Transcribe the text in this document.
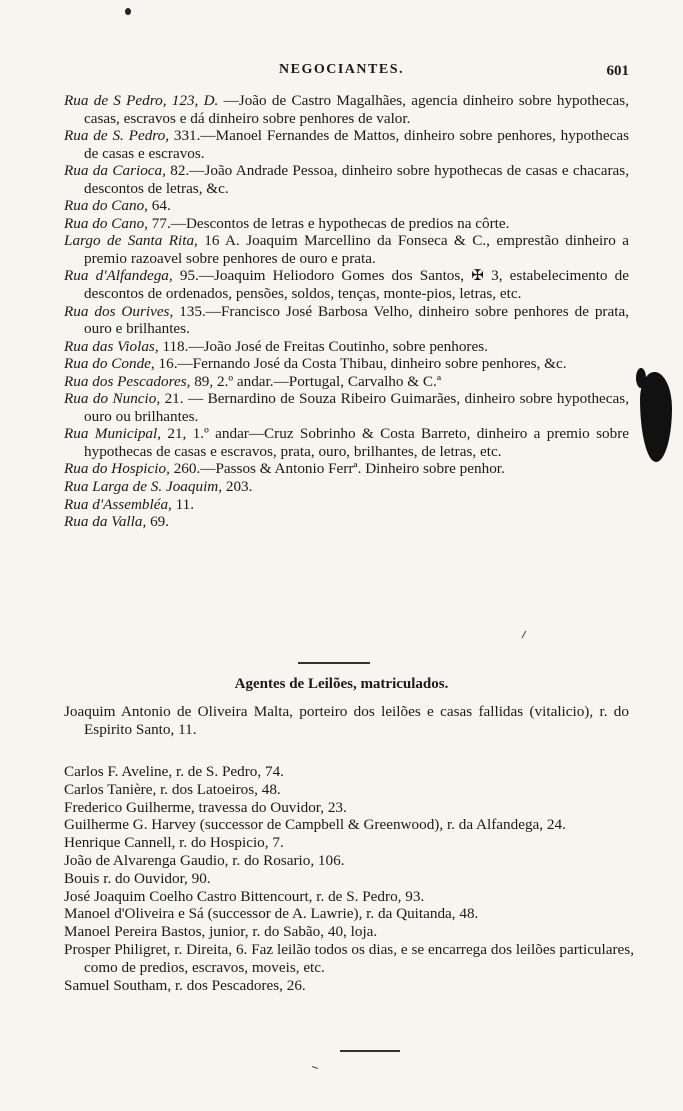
NEGOCIANTES.	601
Rua de S Pedro, 123, D. —João de Castro Magalhães, agencia dinheiro sobre hypothecas, casas, escravos e dá dinheiro sobre penhores de valor.
Rua de S. Pedro, 331.—Manoel Fernandes de Mattos, dinheiro sobre penhores, hypothecas de casas e escravos.
Rua da Carioca, 82.—João Andrade Pessoa, dinheiro sobre hypothecas de casas e chacaras, descontos de letras, &c.
Rua do Cano, 64.
Rua do Cano, 77.—Descontos de letras e hypothecas de predios na côrte.
Largo de Santa Rita, 16 A. Joaquim Marcellino da Fonseca & C., emprestão dinheiro a premio razoavel sobre penhores de ouro e prata.
Rua d'Alfandega, 95.—Joaquim Heliodoro Gomes dos Santos, ✠ 3, estabelecimento de descontos de ordenados, pensões, soldos, tenças, monte-pios, letras, etc.
Rua dos Ourives, 135.—Francisco José Barbosa Velho, dinheiro sobre penhores de prata, ouro e brilhantes.
Rua das Violas, 118.—João José de Freitas Coutinho, sobre penhores.
Rua do Conde, 16.—Fernando José da Costa Thibau, dinheiro sobre penhores, &c.
Rua dos Pescadores, 89, 2.º andar.—Portugal, Carvalho & C.ª
Rua do Nuncio, 21. — Bernardino de Souza Ribeiro Guimarães, dinheiro sobre hypothecas, ouro ou brilhantes.
Rua Municipal, 21, 1.º andar—Cruz Sobrinho & Costa Barreto, dinheiro a premio sobre hypothecas de casas e escravos, prata, ouro, brilhantes, de letras, etc.
Rua do Hospicio, 260.—Passos & Antonio Ferrª. Dinheiro sobre penhor.
Rua Larga de S. Joaquim, 203.
Rua d'Assembléa, 11.
Rua da Valla, 69.
Agentes de Leilões, matriculados.
Joaquim Antonio de Oliveira Malta, porteiro dos leilões e casas fallidas (vitalicio), r. do Espirito Santo, 11.
Carlos F. Aveline, r. de S. Pedro, 74.
Carlos Tanière, r. dos Latoeiros, 48.
Frederico Guilherme, travessa do Ouvidor, 23.
Guilherme G. Harvey (successor de Campbell & Greenwood), r. da Alfandega, 24.
Henrique Cannell, r. do Hospicio, 7.
João de Alvarenga Gaudio, r. do Rosario, 106.
Bouis r. do Ouvidor, 90.
José Joaquim Coelho Castro Bittencourt, r. de S. Pedro, 93.
Manoel d'Oliveira e Sá (successor de A. Lawrie), r. da Quitanda, 48.
Manoel Pereira Bastos, junior, r. do Sabão, 40, loja.
Prosper Philigret, r. Direita, 6. Faz leilão todos os dias, e se encarrega dos leilões particulares, como de predios, escravos, moveis, etc.
Samuel Southam, r. dos Pescadores, 26.
